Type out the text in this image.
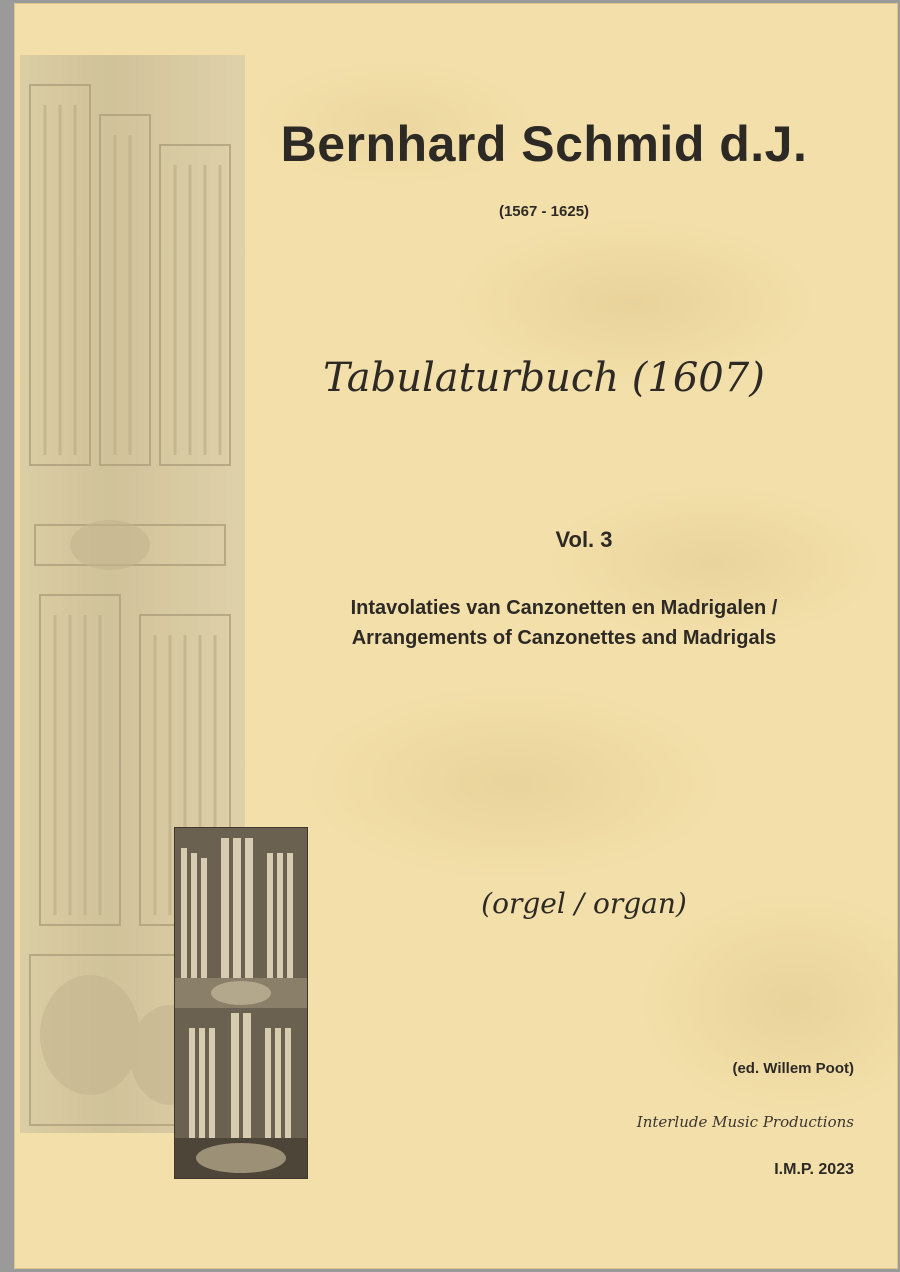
Bernhard Schmid d.J.
(1567 - 1625)
Tabulaturbuch (1607)
Vol. 3
Intavolaties van Canzonetten en Madrigalen /
Arrangements of Canzonettes and Madrigals
(orgel / organ)
(ed. Willem Poot)
Interlude Music Productions
I.M.P. 2023
